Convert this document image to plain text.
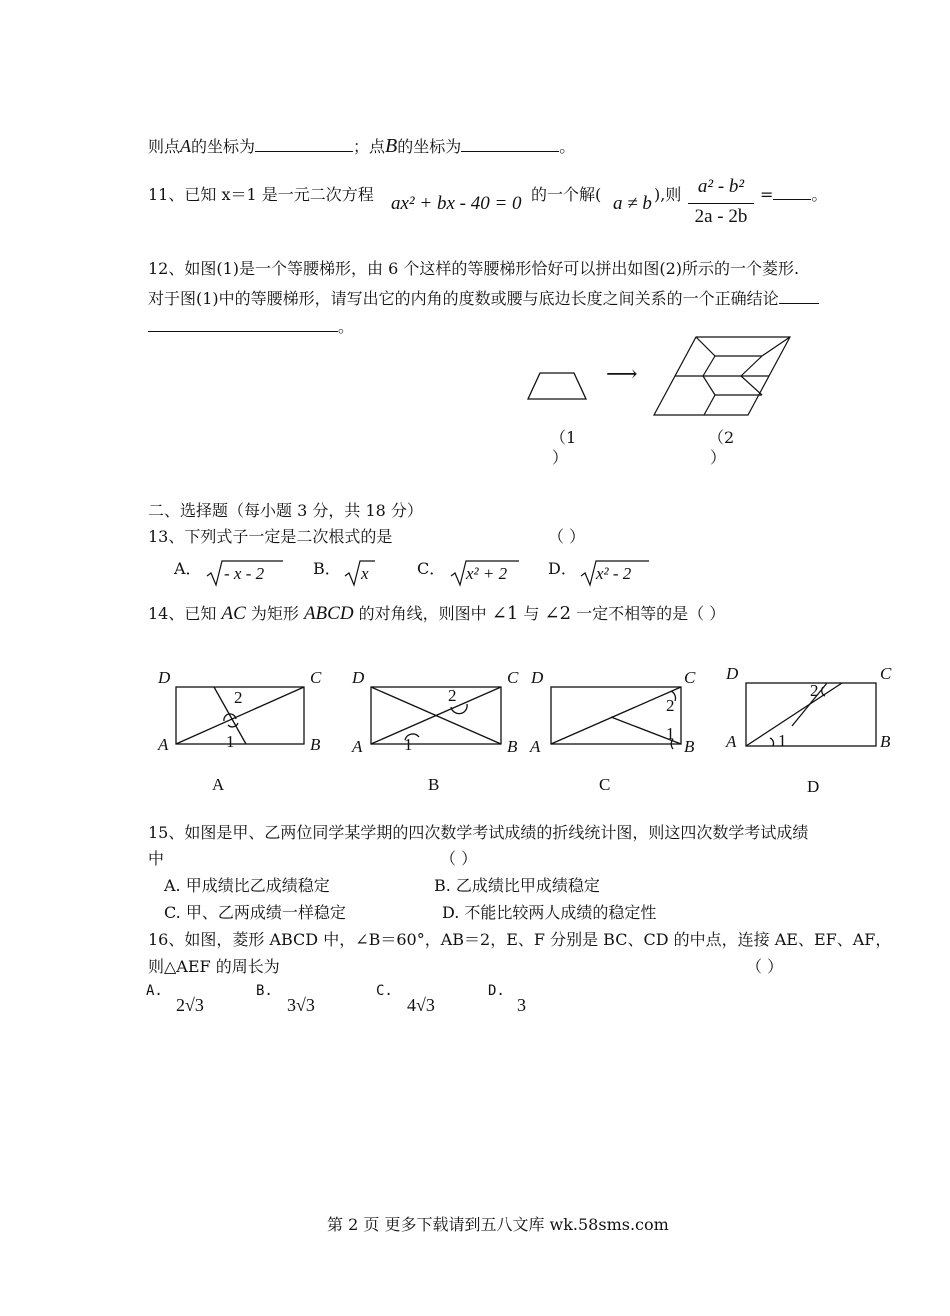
则点A的坐标为	；点B的坐标为	。
11、已知 x＝1 是一元二次方程 ax² + bx - 40 = 0 的一个解( a ≠ b ),则 a² - b²
2a - 2b
= 。
12、如图(1)是一个等腰梯形，由 6 个这样的等腰梯形恰好可以拼出如图(2)所示的一个菱形.
对于图(1)中的等腰梯形，请写出它的内角的度数或腰与底边长度之间关系的一个正确结论
。
⟶
（1
）
（2
）
二、选择题（每小题 3 分，共 18 分）
13、下列式子一定是二次根式的是	（ ）
A． - x - 2	B． x	C． x² + 2	D． x² - 2
14、已知 AC 为矩形 ABCD 的对角线，则图中 ∠1 与 ∠2 一定不相等的是（ ）
D	C
A	B
2
1
A
D	C
A	B
2
1
B
D	C
A	B
2
1
C
D	C
A	B
2
1
D
15、如图是甲、乙两位同学某学期的四次数学考试成绩的折线统计图，则这四次数学考试成绩
中	（ ）
A. 甲成绩比乙成绩稳定	B. 乙成绩比甲成绩稳定
C. 甲、乙两成绩一样稳定	D. 不能比较两人成绩的稳定性
16、如图，菱形 ABCD 中，∠B＝60°，AB＝2，E、F 分别是 BC、CD 的中点，连接 AE、EF、AF，
则△AEF 的周长为	（ ）
A.
2√3
B.
3√3
C.
4√3
D.
3
第 2 页 更多下载请到五八文库 wk.58sms.com
